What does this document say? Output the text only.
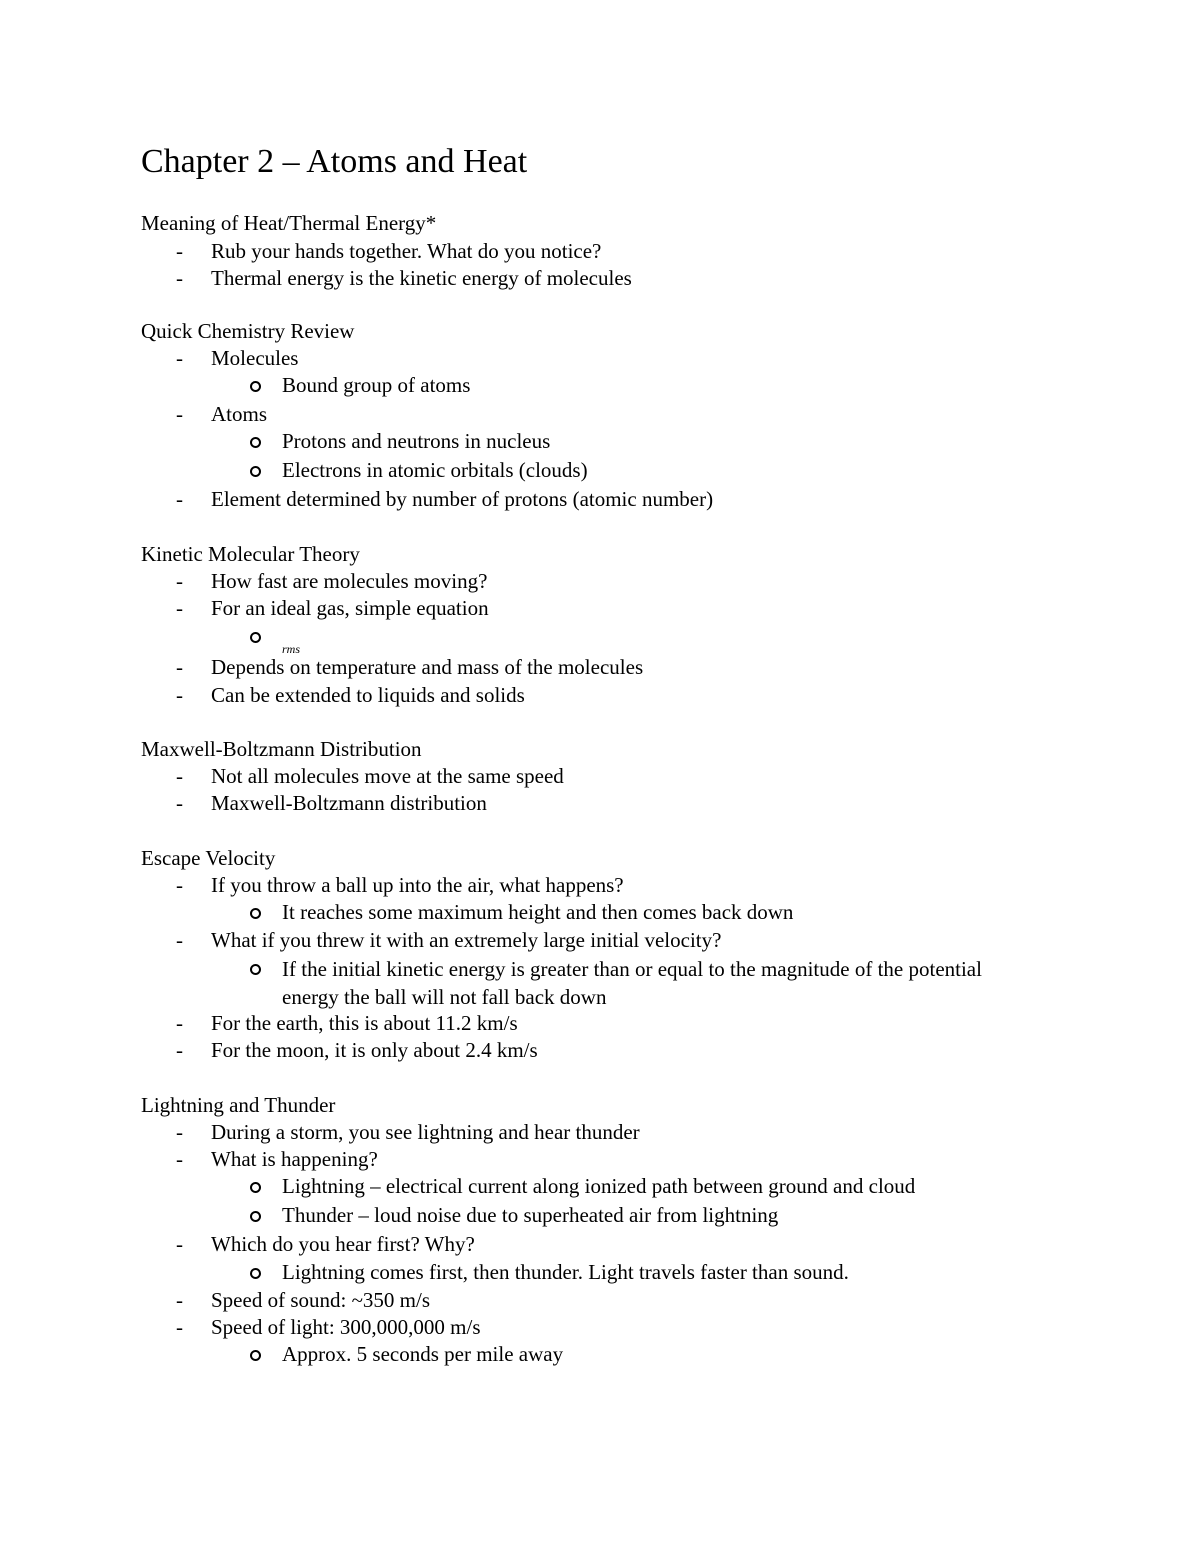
Chapter 2 – Atoms and Heat
Meaning of Heat/Thermal Energy*
-	Rub your hands together. What do you notice?
-	Thermal energy is the kinetic energy of molecules
Quick Chemistry Review
-	Molecules
Bound group of atoms
-	Atoms
Protons and neutrons in nucleus
Electrons in atomic orbitals (clouds)
-	Element determined by number of protons (atomic number)
Kinetic Molecular Theory
-	How fast are molecules moving?
-	For an ideal gas, simple equation
$_{rms}$
-	Depends on temperature and mass of the molecules
-	Can be extended to liquids and solids
Maxwell-Boltzmann Distribution
-	Not all molecules move at the same speed
-	Maxwell-Boltzmann distribution
Escape Velocity
-	If you throw a ball up into the air, what happens?
It reaches some maximum height and then comes back down
-	What if you threw it with an extremely large initial velocity?
If the initial kinetic energy is greater than or equal to the magnitude of the potential energy the ball will not fall back down
-	For the earth, this is about 11.2 km/s
-	For the moon, it is only about 2.4 km/s
Lightning and Thunder
-	During a storm, you see lightning and hear thunder
-	What is happening?
Lightning – electrical current along ionized path between ground and cloud
Thunder – loud noise due to superheated air from lightning
-	Which do you hear first? Why?
Lightning comes first, then thunder. Light travels faster than sound.
-	Speed of sound: ~350 m/s
-	Speed of light: 300,000,000 m/s
Approx. 5 seconds per mile away
